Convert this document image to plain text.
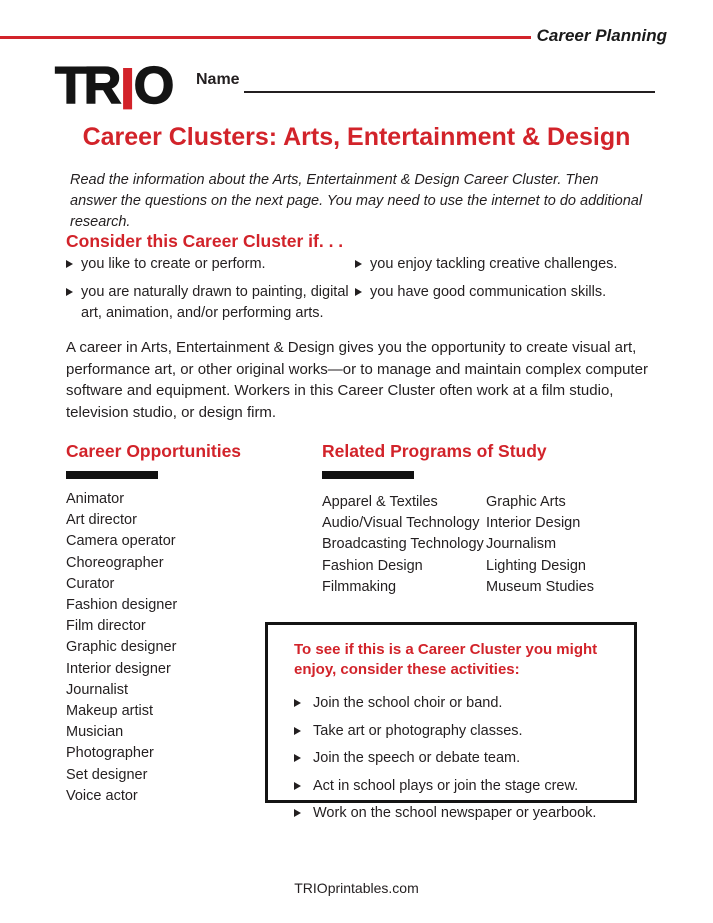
Career Planning
TRIO Name
Career Clusters: Arts, Entertainment & Design

Read the information about the Arts, Entertainment & Design Career Cluster. Then answer the questions on the next page. You may need to use the internet to do additional research.

Consider this Career Cluster if. . .
you like to create or perform.
you are naturally drawn to painting, digital art, animation, and/or performing arts.
you enjoy tackling creative challenges.
you have good communication skills.

A career in Arts, Entertainment & Design gives you the opportunity to create visual art, performance art, or other original works—or to manage and maintain complex computer software and equipment. Workers in this Career Cluster often work at a film studio, television studio, or design firm.

Career Opportunities
Animator
Art director
Camera operator
Choreographer
Curator
Fashion designer
Film director
Graphic designer
Interior designer
Journalist
Makeup artist
Musician
Photographer
Set designer
Voice actor
Related Programs of Study
Apparel & Textiles
Audio/Visual Technology
Broadcasting Technology
Fashion Design
Filmmaking
Graphic Arts
Interior Design
Journalism
Lighting Design
Museum Studies
To see if this is a Career Cluster you might enjoy, consider these activities:
Join the school choir or band.
Take art or photography classes.
Join the speech or debate team.
Act in school plays or join the stage crew.
Work on the school newspaper or yearbook.
TRIOprintables.com
